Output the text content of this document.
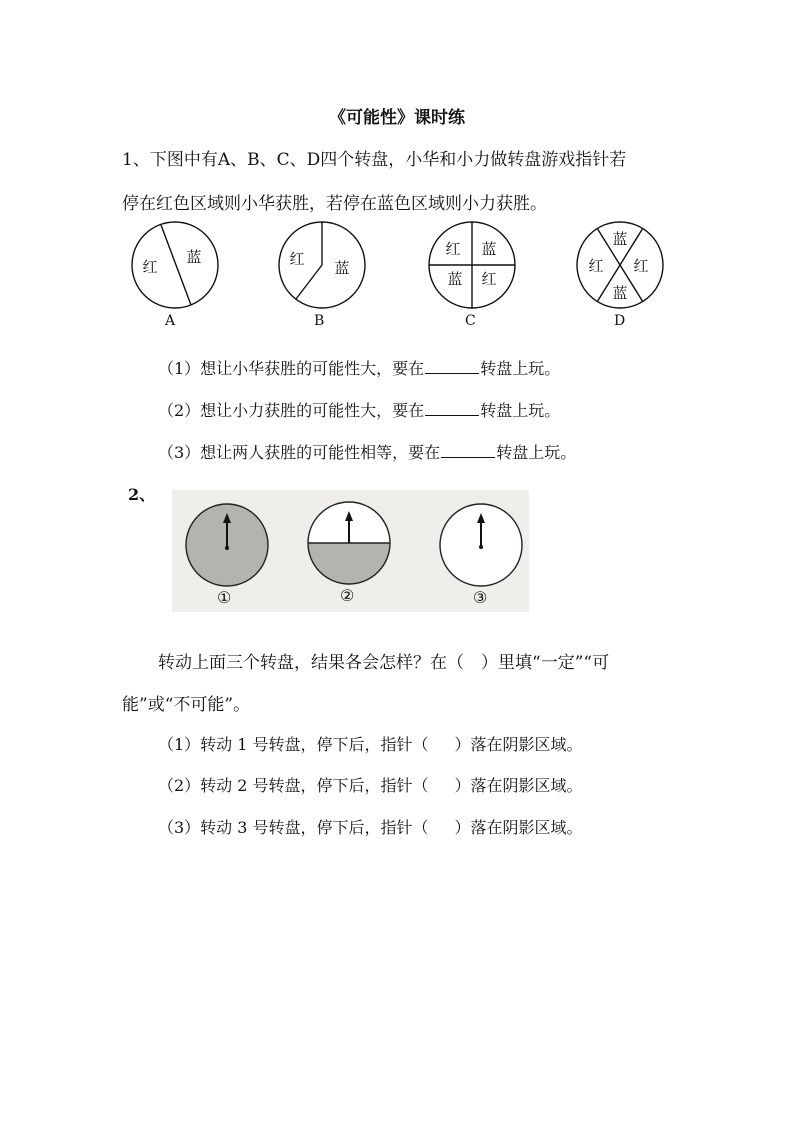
《可能性》课时练
1、下图中有A、B、C、D四个转盘，小华和小力做转盘游戏指针若
停在红色区域则小华获胜，若停在蓝色区域则小力获胜。
红
蓝
A
红 蓝
B
红 蓝
蓝 红
C
蓝
红 红
蓝
D
（1）想让小华获胜的可能性大，要在	转盘上玩。
（2）想让小力获胜的可能性大，要在	转盘上玩。
（3）想让两人获胜的可能性相等，要在	转盘上玩。
2、
①	②	③
转动上面三个转盘，结果各会怎样？在（　）里填“一定”“可
能”或“不可能”。
（1）转动 1 号转盘，停下后，指针（ ）落在阴影区域。
（2）转动 2 号转盘，停下后，指针（ ）落在阴影区域。
（3）转动 3 号转盘，停下后，指针（ ）落在阴影区域。
